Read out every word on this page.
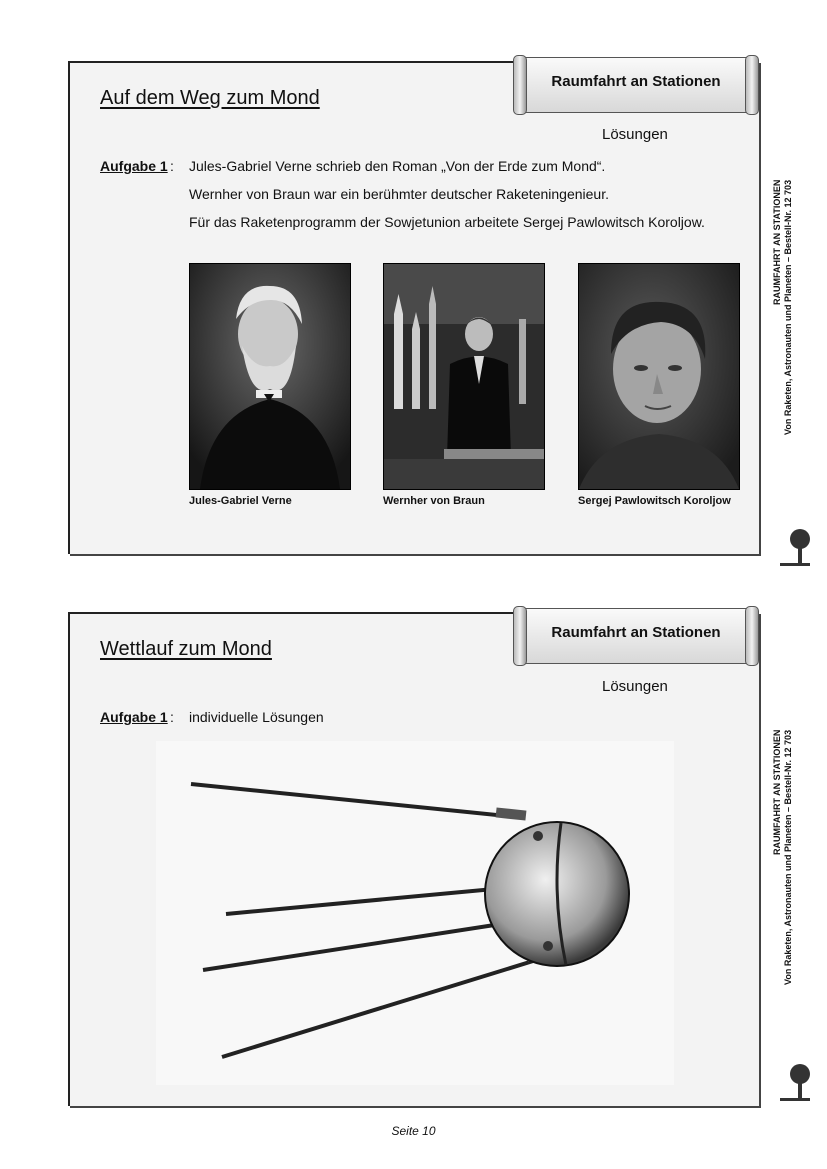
Auf dem Weg zum Mond
Aufgabe 1 : Jules-Gabriel Verne schrieb den Roman „Von der Erde zum Mond“.
Wernher von Braun war ein berühmter deutscher Raketeningenieur.
Für das Raketenprogramm der Sowjetunion arbeitete Sergej Pawlowitsch Koroljow.
Jules-Gabriel Verne	Wernher von Braun	Sergej Pawlowitsch Koroljow
Raumfahrt an Stationen
Lösungen
Wettlauf zum Mond
Aufgabe 1 : individuelle Lösungen
Raumfahrt an Stationen
Lösungen
RAUMFAHRT AN STATIONEN Von Raketen, Astronauten und Planeten – Bestell-Nr. 12 703
RAUMFAHRT AN STATIONEN Von Raketen, Astronauten und Planeten – Bestell-Nr. 12 703
Seite 10
